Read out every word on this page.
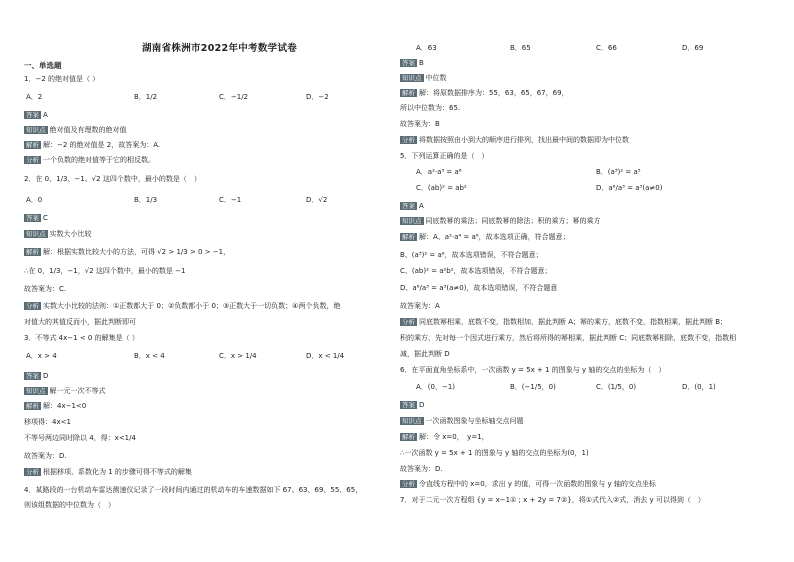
湖南省株洲市2022年中考数学试卷
一、单选题
1．−2 的绝对值是（ ）
A．2	B．1/2	C．−1/2	D．−2
答案 A
知识点 绝对值及有理数的绝对值
解析 解：−2 的绝对值是 2，故答案为：A.
分析 一个负数的绝对值等于它的相反数。
2．在 0、1/3、−1、√2 这四个数中，最小的数是（　）
A．0	B．1/3	C．−1	D．√2
答案 C
知识点 实数大小比较
解析 解：根据实数比较大小的方法，可得 √2 > 1/3 > 0 > −1，
∴在 0，1/3，−1，√2 这四个数中，最小的数是 −1
故答案为：C.
分析 实数大小比较的法则：①正数都大于 0；②负数都小于 0；③正数大于一切负数；④两个负数，绝
对值大的其值反而小，据此判断即可
3．不等式 4x−1 < 0 的解集是（ ）
A．x > 4	B．x < 4	C．x > 1/4	D．x < 1/4
答案 D
知识点 解一元一次不等式
解析 解：4x−1<0
移项得：4x<1
不等号两边同时除以 4，得：x<1/4
故答案为：D.
分析 根据移项、系数化为 1 的步骤可得不等式的解集
4．某路段的一台机动车雷达测速仪记录了一段时间内通过的机动车的车速数据如下 67、63、69、55、65，
则该组数据的中位数为（　）
A．63	B．65	C．66	D．69
答案 B
知识点 中位数
解析 解：将原数据排序为：55，63，65，67，69，
所以中位数为：65.
故答案为：B
分析 将数据按照由小到大的顺序进行排列，找出最中间的数据即为中位数
5．下列运算正确的是（　）
A．a²·a³ = a⁶	B．(a³)² = a⁵
C．(ab)² = ab²	D．a⁶/a³ = a³(a≠0)
答案 A
知识点 同底数幂的乘法；同底数幂的除法；积的乘方；幂的乘方
解析 解：A、a²·a⁴ = a⁶，故本选项正确，符合题意；
B、(a³)² = a⁶，故本选项错误，不符合题意；
C、(ab)² = a²b²，故本选项错误，不符合题意；
D、a⁶/a³ = a³(a≠0)，故本选项错误，不符合题意
故答案为：A
分析 同底数幂相乘，底数不变，指数相加，据此判断 A；幂的乘方，底数不变，指数相乘，据此判断 B；
积的乘方，先对每一个因式进行乘方，然后将所得的幂相乘，据此判断 C；同底数幂相除，底数不变，指数相
减，据此判断 D
6．在平面直角坐标系中，一次函数 y = 5x + 1 的图象与 y 轴的交点的坐标为（　）
A．(0，−1)	B．(−1/5，0)	C．(1/5，0)	D．(0，1)
答案 D
知识点 一次函数图象与坐标轴交点问题
解析 解：令 x=0，　y=1，
∴一次函数 y = 5x + 1 的图象与 y 轴的交点的坐标为(0，1)
故答案为：D.
分析 令直线方程中的 x=0，求出 y 的值，可得一次函数的图象与 y 轴的交点坐标
7．对于二元一次方程组 {y = x−1① ; x + 2y = 7②}，将①式代入②式，消去 y 可以得到（　）
